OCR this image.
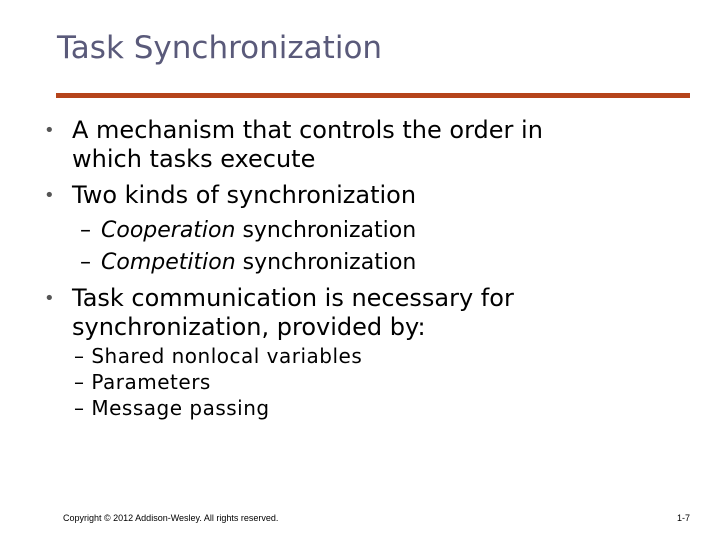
Task Synchronization
• A mechanism that controls the order in
which tasks execute
• Two kinds of synchronization
– Cooperation synchronization
– Competition synchronization
• Task communication is necessary for
synchronization, provided by:
– Shared nonlocal variables
– Parameters
– Message passing
Copyright © 2012 Addison-Wesley. All rights reserved.	1-7
